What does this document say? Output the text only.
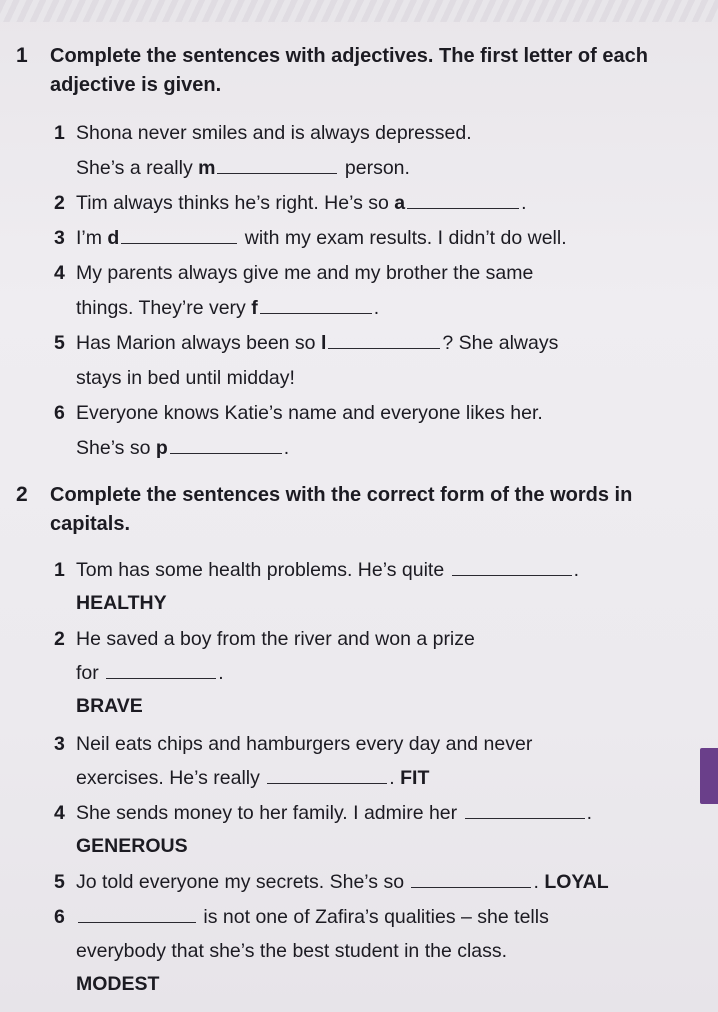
1 Complete the sentences with adjectives. The first letter of each adjective is given.
1 Shona never smiles and is always depressed.
She’s a really m	person.
2 Tim always thinks he’s right. He’s so a	.
3 I’m d	with my exam results. I didn’t do well.
4 My parents always give me and my brother the same
things. They’re very f	.
5 Has Marion always been so l	? She always
stays in bed until midday!
6 Everyone knows Katie’s name and everyone likes her.
She’s so p	.
2 Complete the sentences with the correct form of the words in capitals.
1 Tom has some health problems. He’s quite	.
HEALTHY
2 He saved a boy from the river and won a prize
for	.
BRAVE
3 Neil eats chips and hamburgers every day and never
exercises. He’s really	. FIT
4 She sends money to her family. I admire her	.
GENEROUS
5 Jo told everyone my secrets. She’s so	. LOYAL
6	is not one of Zafira’s qualities – she tells
everybody that she’s the best student in the class.
MODEST
